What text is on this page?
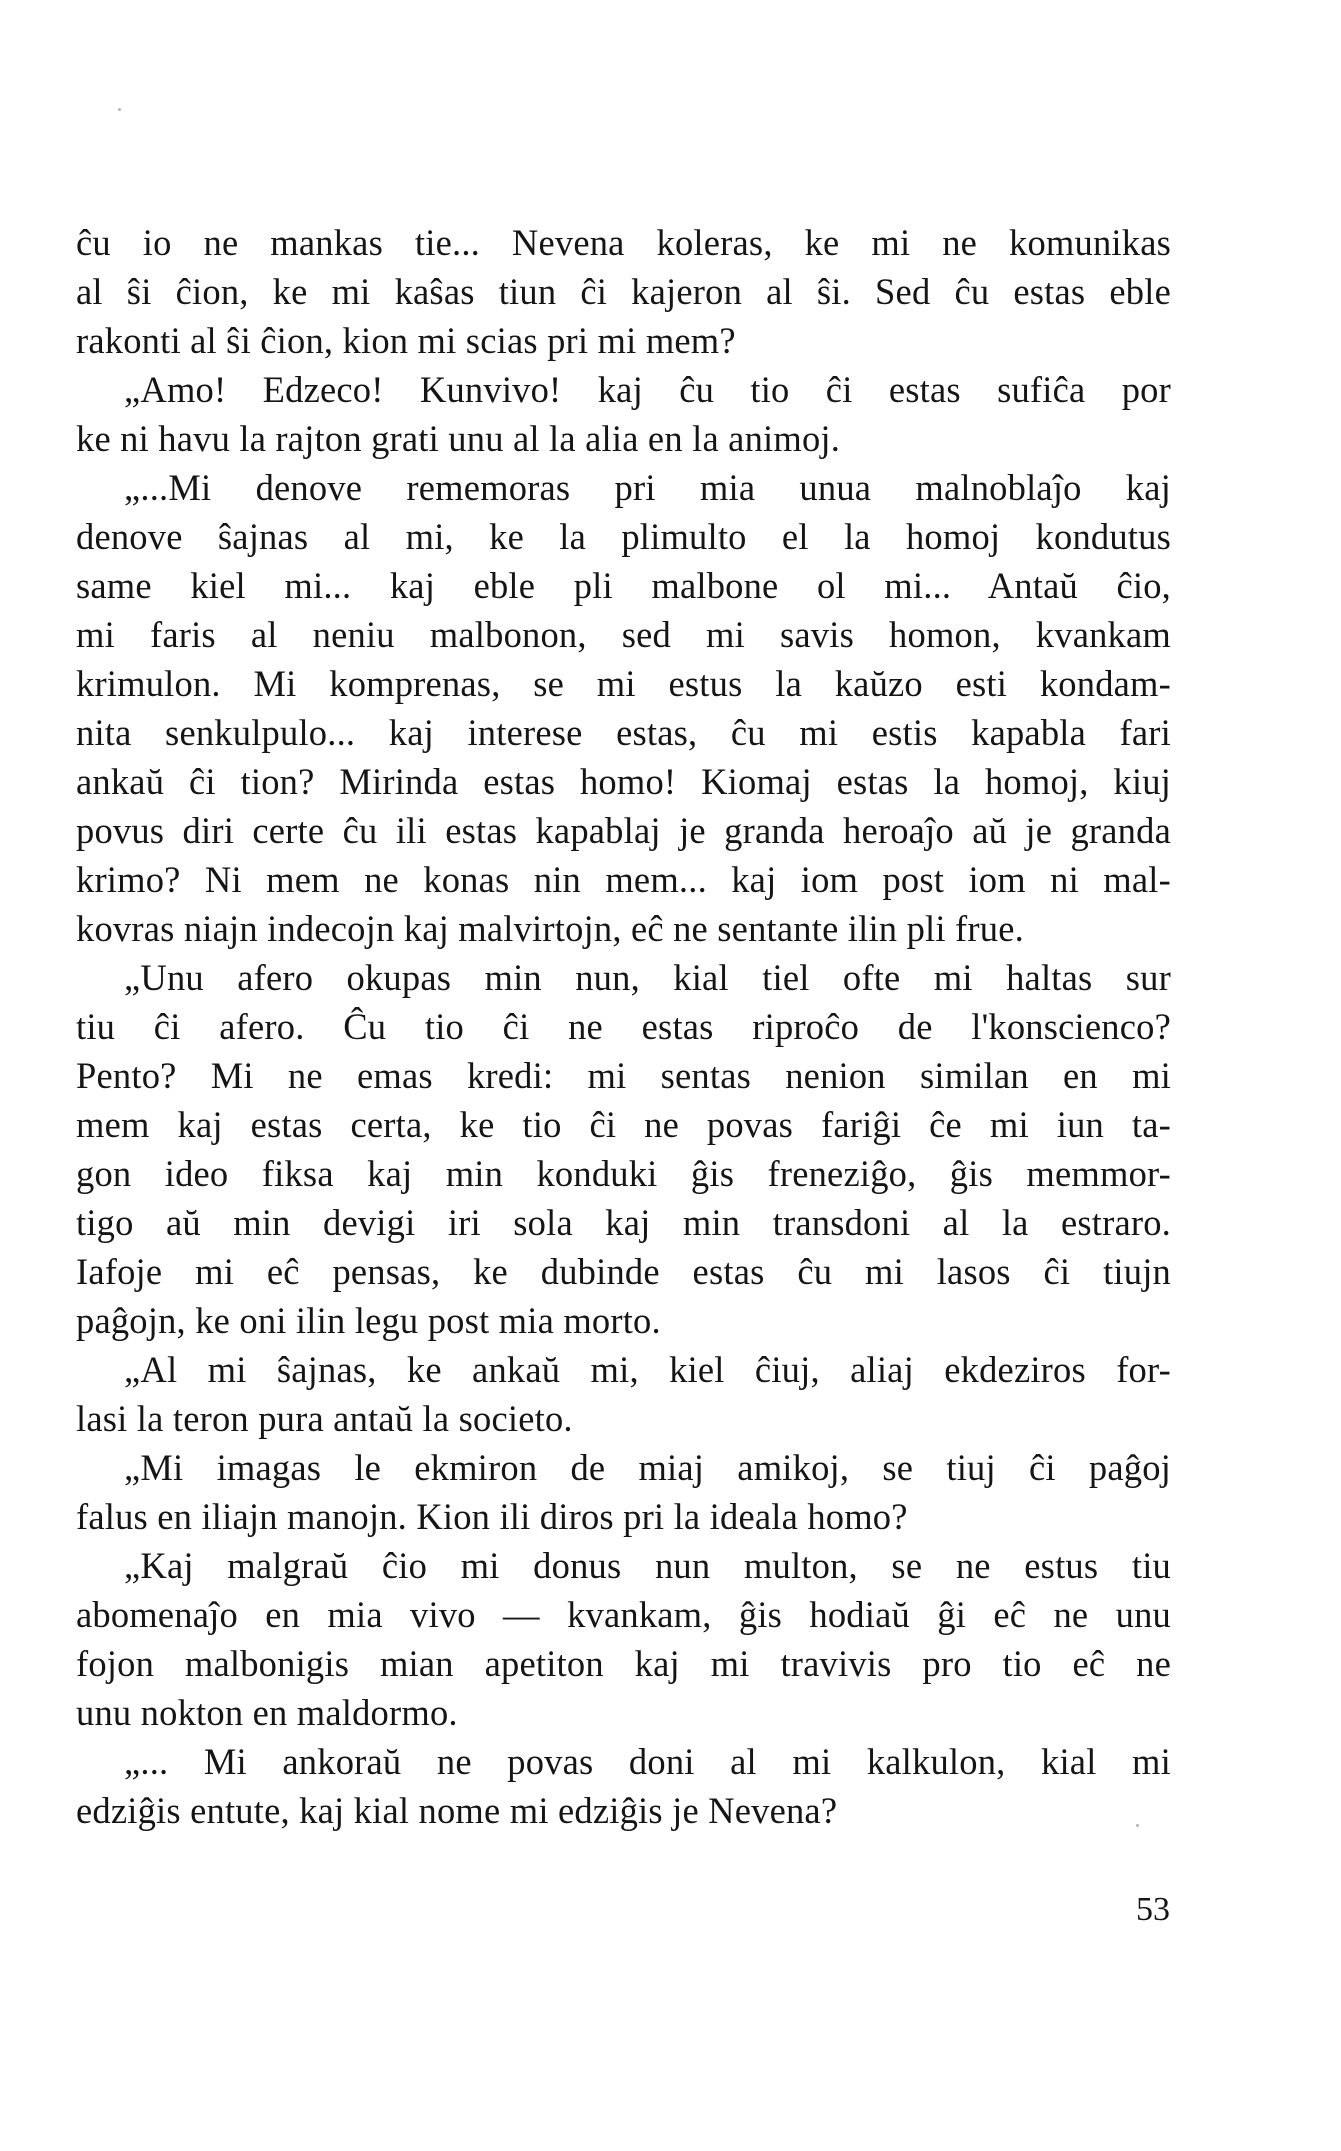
ĉu io ne mankas tie... Nevena koleras, ke mi ne komunikas
al ŝi ĉion, ke mi kaŝas tiun ĉi kajeron al ŝi. Sed ĉu estas eble
rakonti al ŝi ĉion, kion mi scias pri mi mem?
„Amo! Edzeco! Kunvivo! kaj ĉu tio ĉi estas sufiĉa por
ke ni havu la rajton grati unu al la alia en la animoj.
„...Mi denove rememoras pri mia unua malnoblaĵo kaj
denove ŝajnas al mi, ke la plimulto el la homoj kondutus
same kiel mi... kaj eble pli malbone ol mi... Antaŭ ĉio,
mi faris al neniu malbonon, sed mi savis homon, kvankam
krimulon. Mi komprenas, se mi estus la kaŭzo esti kondam-
nita senkulpulo... kaj interese estas, ĉu mi estis kapabla fari
ankaŭ ĉi tion? Mirinda estas homo! Kiomaj estas la homoj, kiuj
povus diri certe ĉu ili estas kapablaj je granda heroaĵo aŭ je granda
krimo? Ni mem ne konas nin mem... kaj iom post iom ni mal-
kovras niajn indecojn kaj malvirtojn, eĉ ne sentante ilin pli frue.
„Unu afero okupas min nun, kial tiel ofte mi haltas sur
tiu ĉi afero. Ĉu tio ĉi ne estas riproĉo de l'konscienco?
Pento? Mi ne emas kredi: mi sentas nenion similan en mi
mem kaj estas certa, ke tio ĉi ne povas fariĝi ĉe mi iun ta-
gon ideo fiksa kaj min konduki ĝis freneziĝo, ĝis memmor-
tigo aŭ min devigi iri sola kaj min transdoni al la estraro.
Iafoje mi eĉ pensas, ke dubinde estas ĉu mi lasos ĉi tiujn
paĝojn, ke oni ilin legu post mia morto.
„Al mi ŝajnas, ke ankaŭ mi, kiel ĉiuj, aliaj ekdeziros for-
lasi la teron pura antaŭ la societo.
„Mi imagas le ekmiron de miaj amikoj, se tiuj ĉi paĝoj
falus en iliajn manojn. Kion ili diros pri la ideala homo?
„Kaj malgraŭ ĉio mi donus nun multon, se ne estus tiu
abomenaĵo en mia vivo — kvankam, ĝis hodiaŭ ĝi eĉ ne unu
fojon malbonigis mian apetiton kaj mi travivis pro tio eĉ ne
unu nokton en maldormo.
„... Mi ankoraŭ ne povas doni al mi kalkulon, kial mi
edziĝis entute, kaj kial nome mi edziĝis je Nevena?
53
